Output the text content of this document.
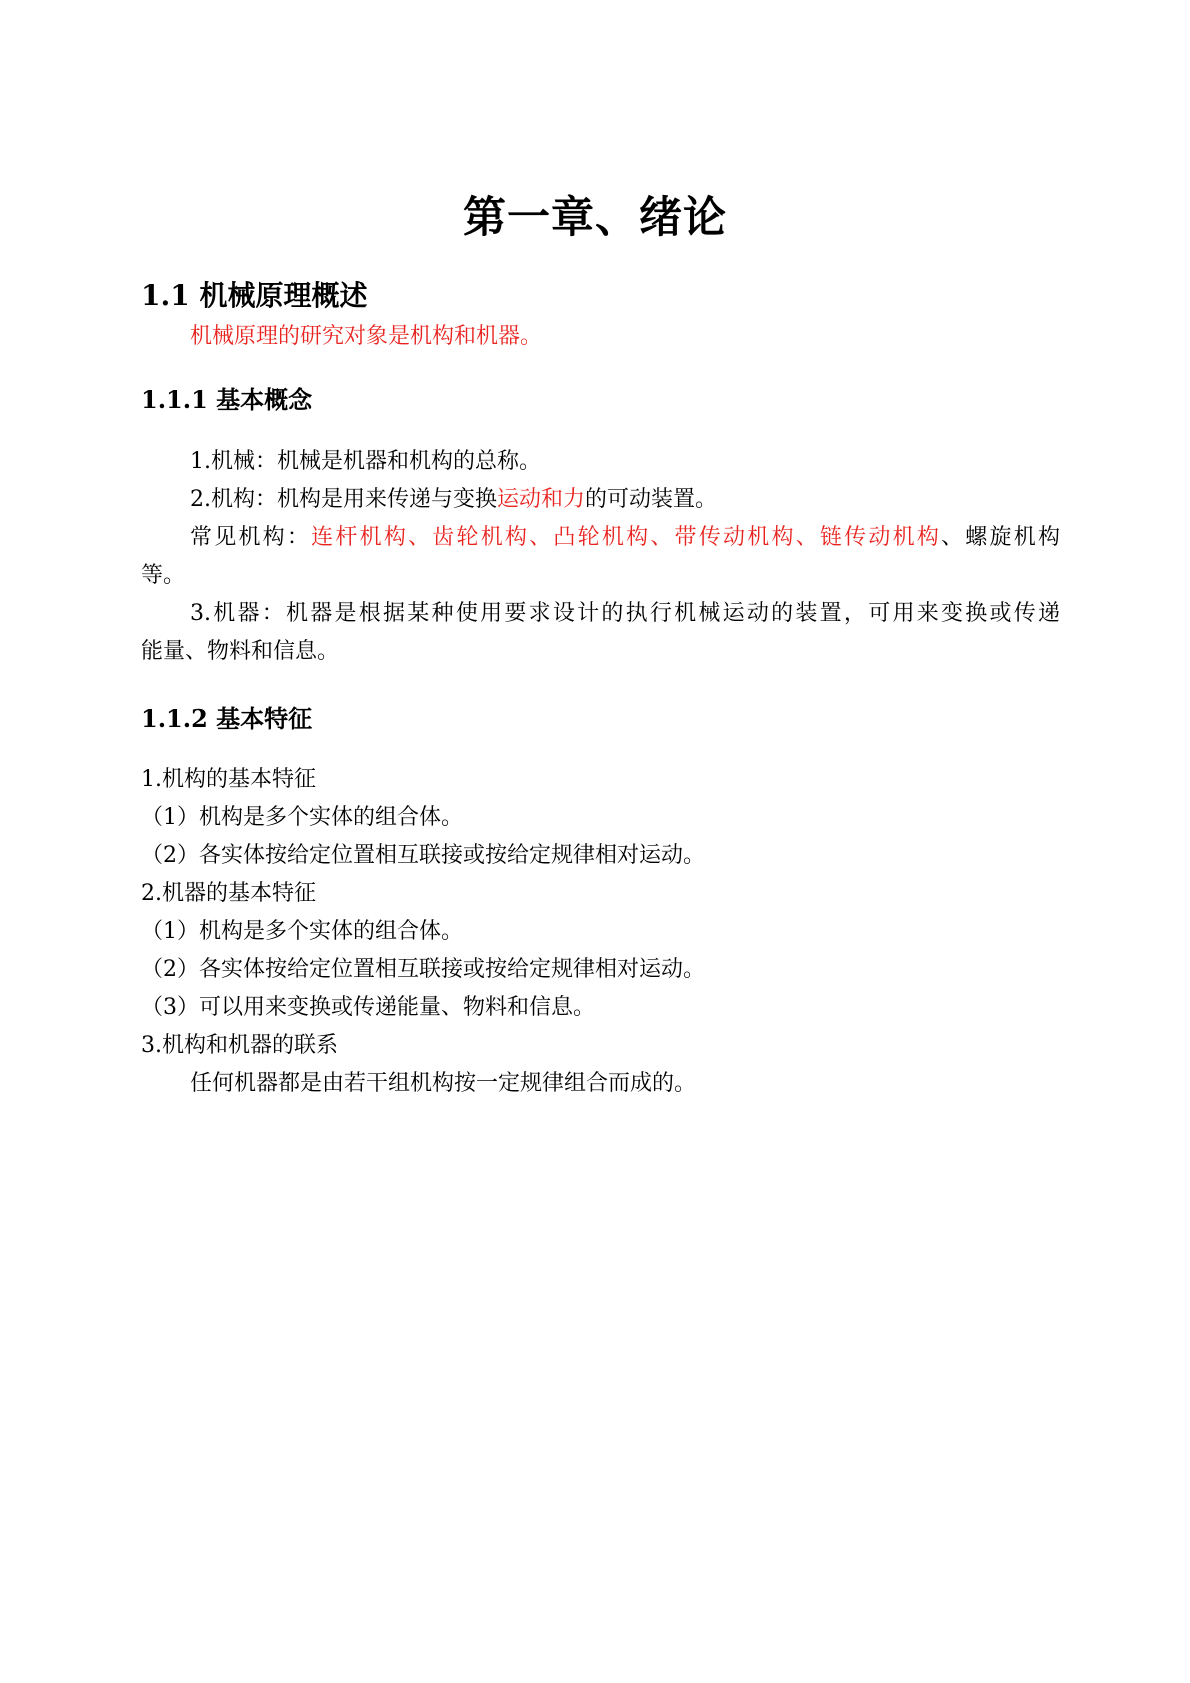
第一章、绪论
1.1 机械原理概述
机械原理的研究对象是机构和机器。
1.1.1 基本概念
1.机械：机械是机器和机构的总称。
2.机构：机构是用来传递与变换运动和力的可动装置。
常见机构：连杆机构、齿轮机构、凸轮机构、带传动机构、链传动机构、螺旋机构
等。
3.机器：机器是根据某种使用要求设计的执行机械运动的装置，可用来变换或传递
能量、物料和信息。
1.1.2 基本特征
1.机构的基本特征
（1）机构是多个实体的组合体。
（2）各实体按给定位置相互联接或按给定规律相对运动。
2.机器的基本特征
（1）机构是多个实体的组合体。
（2）各实体按给定位置相互联接或按给定规律相对运动。
（3）可以用来变换或传递能量、物料和信息。
3.机构和机器的联系
任何机器都是由若干组机构按一定规律组合而成的。
